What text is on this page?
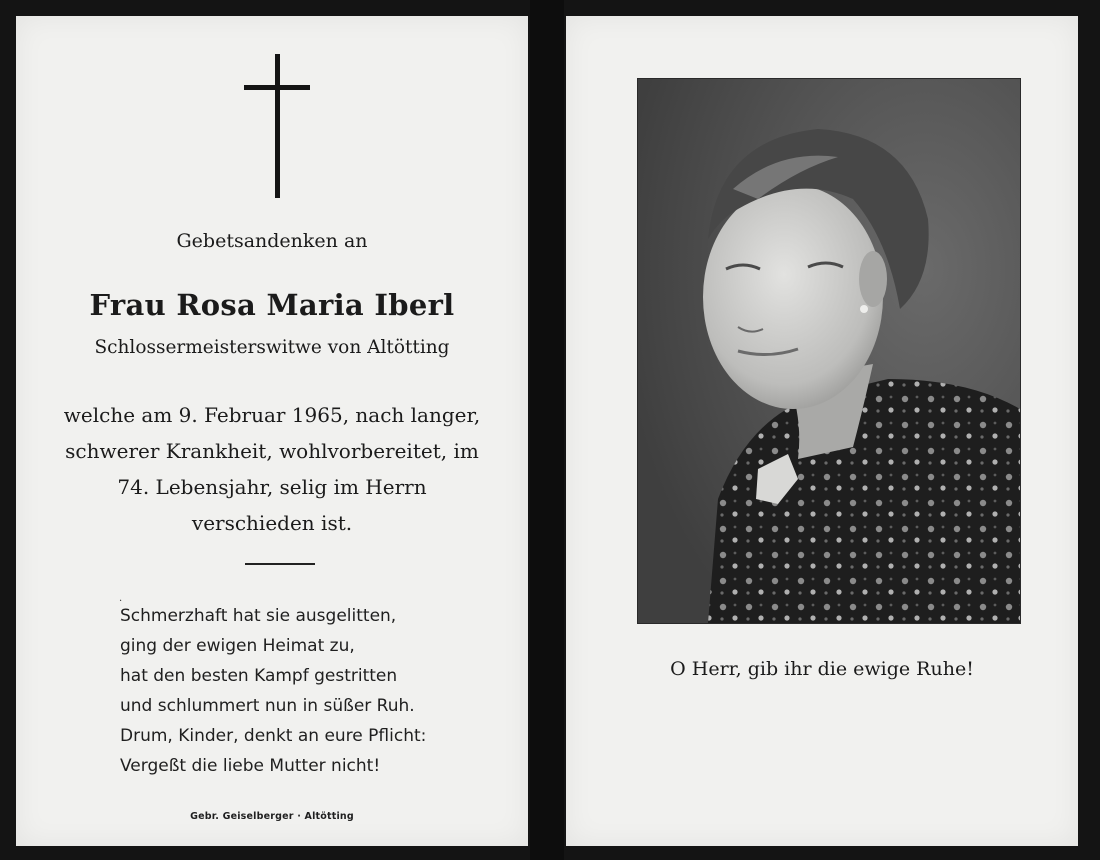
Gebetsandenken an
Frau Rosa Maria Iberl
Schlossermeisterswitwe von Altötting
welche am 9. Februar 1965, nach langer,
schwerer Krankheit, wohlvorbereitet, im
74. Lebensjahr, selig im Herrn
verschieden ist.
.
Schmerzhaft hat sie ausgelitten,
ging der ewigen Heimat zu,
hat den besten Kampf gestritten
und schlummert nun in süßer Ruh.
Drum, Kinder, denkt an eure Pflicht:
Vergeßt die liebe Mutter nicht!
Gebr. Geiselberger · Altötting
O Herr, gib ihr die ewige Ruhe!
